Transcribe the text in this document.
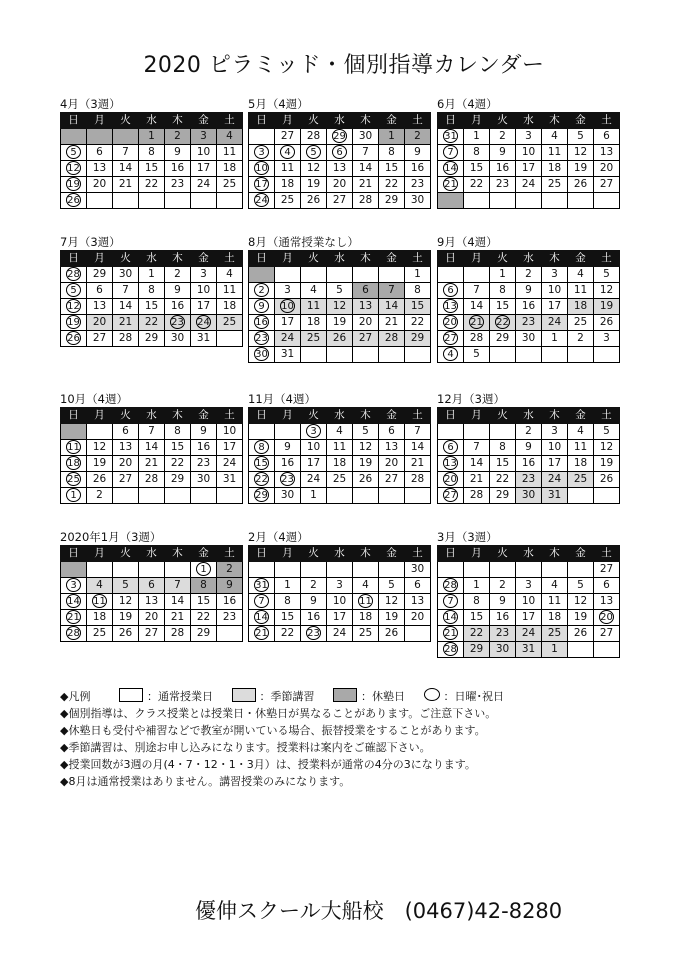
2020 ピラミッド・個別指導カレンダー
4月（3週）
日	月	火	水	木	金	土
			1	2	3	4
5	6	7	8	9	10	11
12	13	14	15	16	17	18
19	20	21	22	23	24	25
26						
5月（4週）
日	月	火	水	木	金	土
	27	28	29	30	1	2
3	4	5	6	7	8	9
10	11	12	13	14	15	16
17	18	19	20	21	22	23
24	25	26	27	28	29	30
6月（4週）
日	月	火	水	木	金	土
31	1	2	3	4	5	6
7	8	9	10	11	12	13
14	15	16	17	18	19	20
21	22	23	24	25	26	27

7月（3週）
日	月	火	水	木	金	土
28	29	30	1	2	3	4
5	6	7	8	9	10	11
12	13	14	15	16	17	18
19	20	21	22	23	24	25
26	27	28	29	30	31	
8月（通常授業なし）
日	月	火	水	木	金	土
						1
2	3	4	5	6	7	8
9	10	11	12	13	14	15
16	17	18	19	20	21	22
23	24	25	26	27	28	29
30	31					
9月（4週）
日	月	火	水	木	金	土
		1	2	3	4	5
6	7	8	9	10	11	12
13	14	15	16	17	18	19
20	21	22	23	24	25	26
27	28	29	30	1	2	3
4	5					
10月（4週）
日	月	火	水	木	金	土
		6	7	8	9	10
11	12	13	14	15	16	17
18	19	20	21	22	23	24
25	26	27	28	29	30	31
1	2					
11月（4週）
日	月	火	水	木	金	土
		3	4	5	6	7
8	9	10	11	12	13	14
15	16	17	18	19	20	21
22	23	24	25	26	27	28
29	30	1				
12月（3週）
日	月	火	水	木	金	土
			2	3	4	5
6	7	8	9	10	11	12
13	14	15	16	17	18	19
20	21	22	23	24	25	26
27	28	29	30	31		
2020年1月（3週）
日	月	火	水	木	金	土
					1	2
3	4	5	6	7	8	9
14	11	12	13	14	15	16
21	18	19	20	21	22	23
28	25	26	27	28	29	
2月（4週）
日	月	火	水	木	金	土
						30
31	1	2	3	4	5	6
7	8	9	10	11	12	13
14	15	16	17	18	19	20
21	22	23	24	25	26	
3月（3週）
日	月	火	水	木	金	土
						27
28	1	2	3	4	5	6
7	8	9	10	11	12	13
14	15	16	17	18	19	20
21	22	23	24	25	26	27
28	29	30	31	1		
◆凡例	：通常授業日	：季節講習	：休塾日	：日曜･祝日
◆個別指導は、クラス授業とは授業日・休塾日が異なることがあります。ご注意下さい。
◆休塾日も受付や補習などで教室が開いている場合、振替授業をすることがあります。
◆季節講習は、別途お申し込みになります。授業料は案内をご確認下さい。
◆授業回数が3週の月(4・7・12・1・3月）は、授業料が通常の4分の3になります。
◆8月は通常授業はありません。講習授業のみになります。
優伸スクール大船校　(0467)42-8280
